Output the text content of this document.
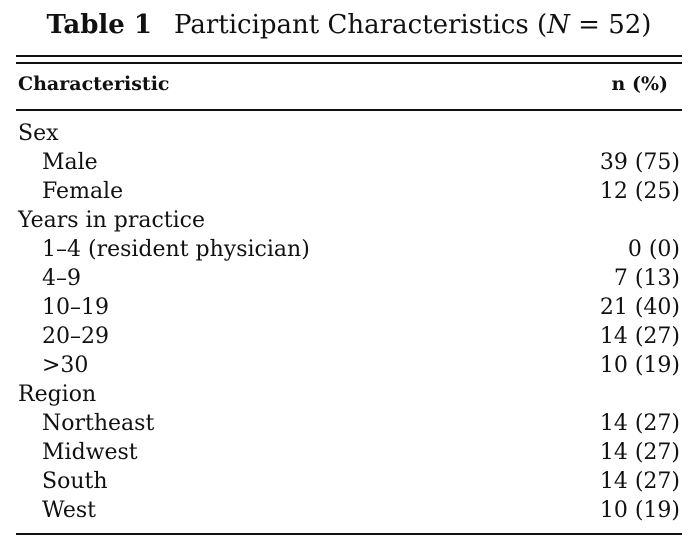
Table 1 Participant Characteristics (N = 52)
Characteristic	n (%)
Sex
Male	39 (75)
Female	12 (25)
Years in practice
1–4 (resident physician)	0 (0)
4–9	7 (13)
10–19	21 (40)
20–29	14 (27)
>30	10 (19)
Region
Northeast	14 (27)
Midwest	14 (27)
South	14 (27)
West	10 (19)
